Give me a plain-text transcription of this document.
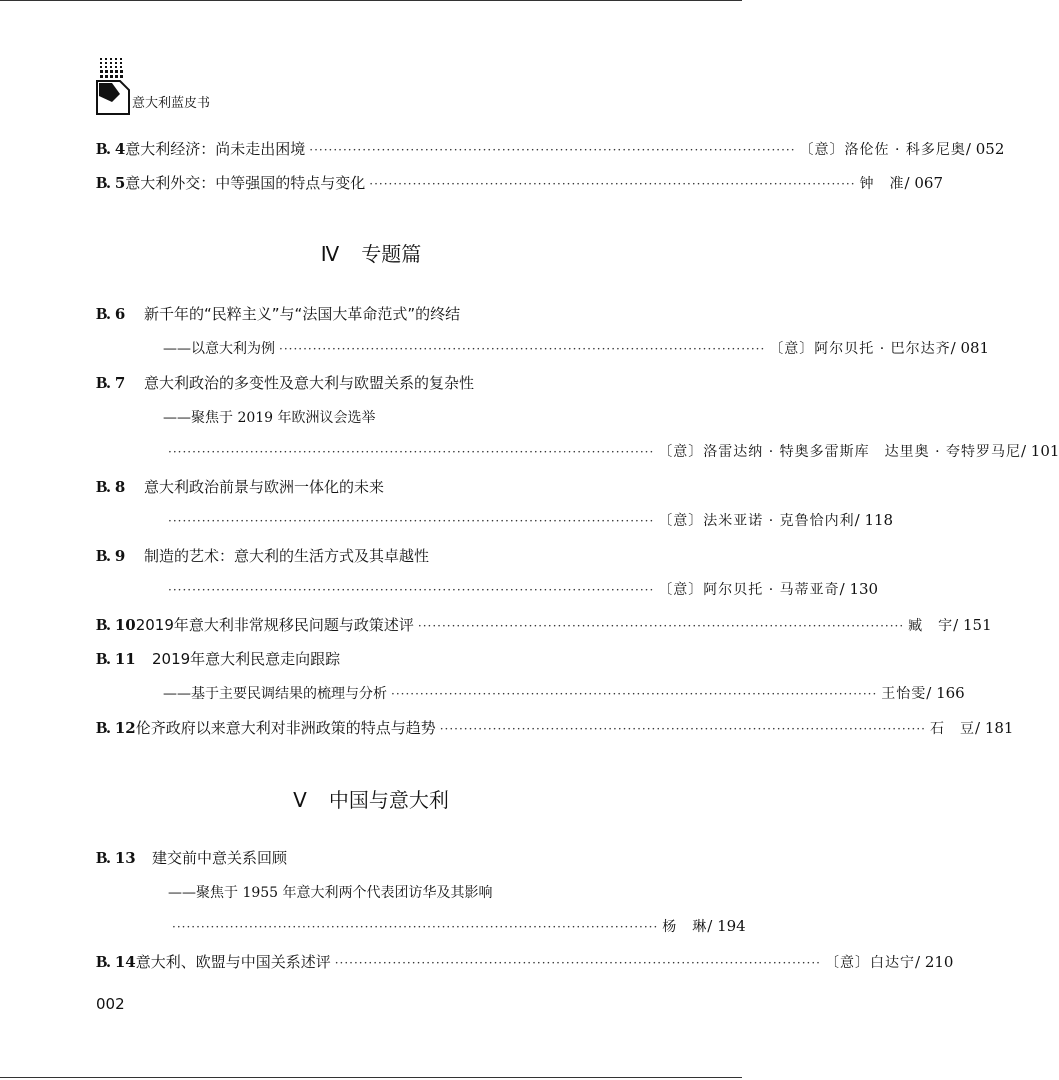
意大利蓝皮书
B. 4 意大利经济：尚未走出困境 ····································································································· 〔意〕洛伦佐 · 科多尼奥 / 052
B. 5 意大利外交：中等强国的特点与变化 ····································································································· 钟　准 / 067
Ⅳ 专题篇
B. 6	新千年的“民粹主义”与“法国大革命范式”的终结
——以意大利为例 ····································································································· 〔意〕阿尔贝托 · 巴尔达齐 / 081
B. 7	意大利政治的多变性及意大利与欧盟关系的复杂性
——聚焦于 2019 年欧洲议会选举
····································································································· 〔意〕洛雷达纳 · 特奥多雷斯库　达里奥 · 夸特罗马尼 / 101
B. 8	意大利政治前景与欧洲一体化的未来
····································································································· 〔意〕法米亚诺 · 克鲁恰内利 / 118
B. 9	制造的艺术：意大利的生活方式及其卓越性
····································································································· 〔意〕阿尔贝托 · 马蒂亚奇 / 130
B. 10 2019年意大利非常规移民问题与政策述评 ····································································································· 臧　宇 / 151
B. 11	2019年意大利民意走向跟踪
——基于主要民调结果的梳理与分析 ····································································································· 王怡雯 / 166
B. 12 伦齐政府以来意大利对非洲政策的特点与趋势 ····································································································· 石　豆 / 181
Ⅴ 中国与意大利
B. 13	建交前中意关系回顾
——聚焦于 1955 年意大利两个代表团访华及其影响
····································································································· 杨　琳 / 194
B. 14 意大利、欧盟与中国关系述评 ····································································································· 〔意〕白达宁 / 210
002
